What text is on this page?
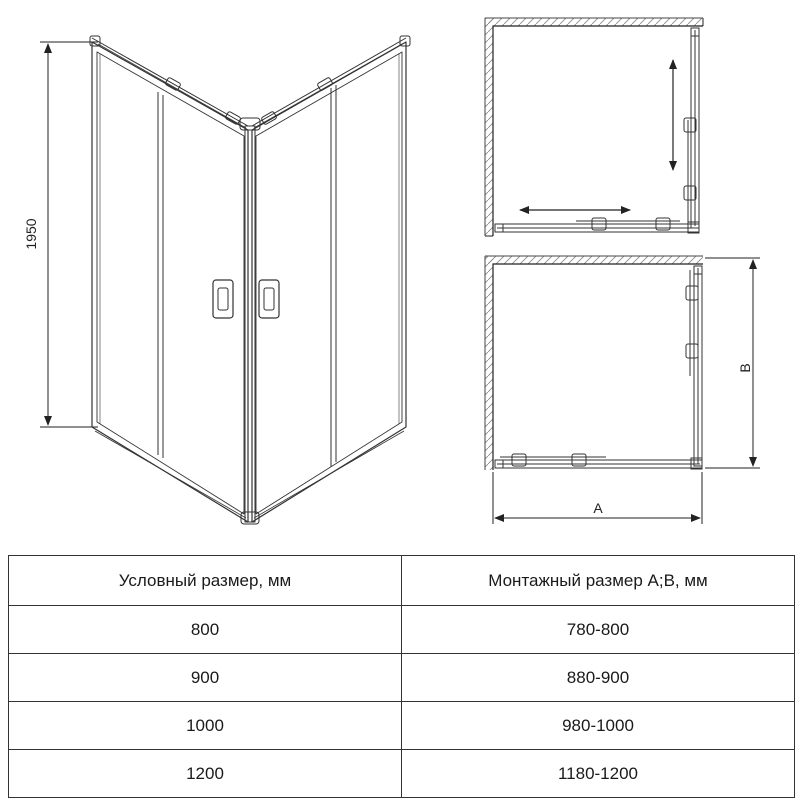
1950
B
A
Условный размер, мм	Монтажный размер A;B, мм
800	780-800
900	880-900
1000	980-1000
1200	1180-1200
